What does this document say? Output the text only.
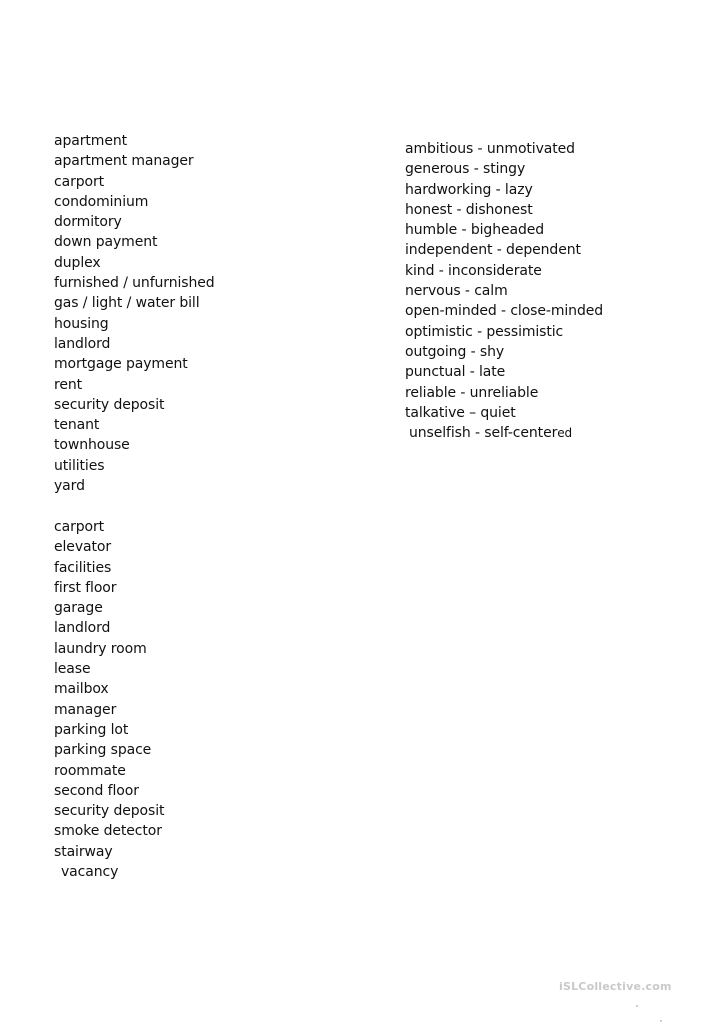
apartment
apartment manager
carport
condominium
dormitory
down payment
duplex
furnished / unfurnished
gas / light / water bill
housing
landlord
mortgage payment
rent
security deposit
tenant
townhouse
utilities
yard
carport
elevator
facilities
first floor
garage
landlord
laundry room
lease
mailbox
manager
parking lot
parking space
roommate
second floor
security deposit
smoke detector
stairway
vacancy
ambitious - unmotivated
generous - stingy
hardworking - lazy
honest - dishonest
humble - bigheaded
independent - dependent
kind - inconsiderate
nervous - calm
open-minded - close-minded
optimistic - pessimistic
outgoing - shy
punctual - late
reliable - unreliable
talkative – quiet
unselfish - self-centered
iSLCollective.com
